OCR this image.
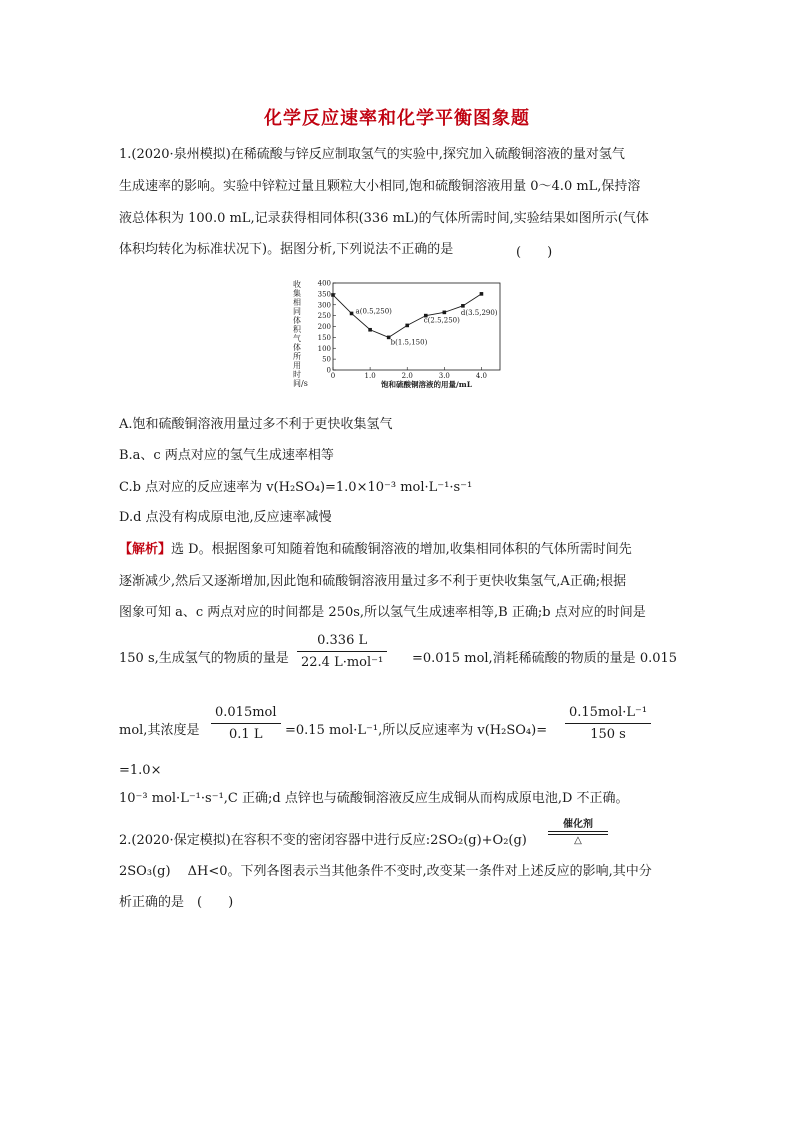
化学反应速率和化学平衡图象题
1.(2020·泉州模拟)在稀硫酸与锌反应制取氢气的实验中,探究加入硫酸铜溶液的量对氢气
生成速率的影响。实验中锌粒过量且颗粒大小相同,饱和硫酸铜溶液用量 0～4.0 mL,保持溶
液总体积为 100.0 mL,记录获得相同体积(336 mL)的气体所需时间,实验结果如图所示(气体
体积均转化为标准状况下)。据图分析,下列说法不正确的是	(　　)
收集相同体积气体所用时间/s
0
50
100
150
200
250
300
350
400
0	1.0	2.0	3.0	4.0
饱和硫酸铜溶液的用量/mL
a(0.5,250)
b(1.5,150)
c(2.5,250)
d(3.5,290)
A.饱和硫酸铜溶液用量过多不利于更快收集氢气
B.a、c 两点对应的氢气生成速率相等
C.b 点对应的反应速率为 v(H₂SO₄)=1.0×10⁻³ mol·L⁻¹·s⁻¹
D.d 点没有构成原电池,反应速率减慢
【解析】选 D。根据图象可知随着饱和硫酸铜溶液的增加,收集相同体积的气体所需时间先
逐渐减少,然后又逐渐增加,因此饱和硫酸铜溶液用量过多不利于更快收集氢气,A正确;根据
图象可知 a、c 两点对应的时间都是 250s,所以氢气生成速率相等,B 正确;b 点对应的时间是
150 s,生成氢气的物质的量是
0.336 L
22.4 L·mol⁻¹	=0.015 mol,消耗稀硫酸的物质的量是 0.015
mol,其浓度是
0.015mol
0.1 L	=0.15 mol·L⁻¹,所以反应速率为 v(H₂SO₄)=
0.15mol·L⁻¹
150 s
=1.0×
10⁻³ mol·L⁻¹·s⁻¹,C 正确;d 点锌也与硫酸铜溶液反应生成铜从而构成原电池,D 不正确。
2.(2020·保定模拟)在容积不变的密闭容器中进行反应:2SO₂(g)+O₂(g)
催化剂
△
2SO₃(g)　 ΔH<0。下列各图表示当其他条件不变时,改变某一条件对上述反应的影响,其中分
析正确的是　(　　)
